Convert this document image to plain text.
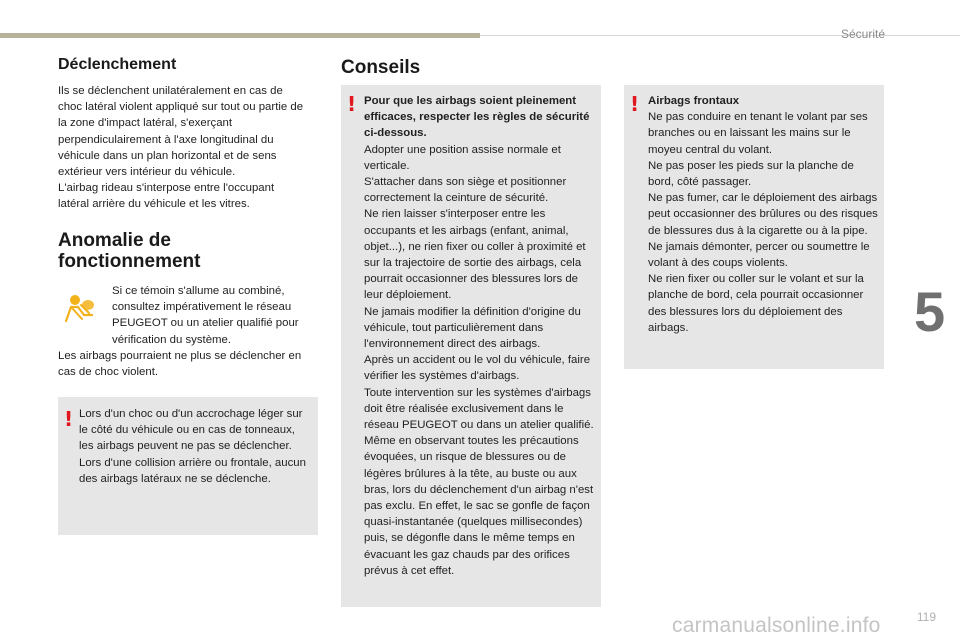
Sécurité
5
Déclenchement

Ils se déclenchent unilatéralement en cas de choc latéral violent appliqué sur tout ou partie de la zone d'impact latéral, s'exerçant perpendiculairement à l'axe longitudinal du véhicule dans un plan horizontal et de sens extérieur vers intérieur du véhicule.
L'airbag rideau s'interpose entre l'occupant latéral arrière du véhicule et les vitres.

Anomalie de fonctionnement

Si ce témoin s'allume au combiné, consultez impérativement le réseau PEUGEOT ou un atelier qualifié pour vérification du système.

Les airbags pourraient ne plus se déclencher en cas de choc violent.

! Lors d'un choc ou d'un accrochage léger sur le côté du véhicule ou en cas de tonneaux, les airbags peuvent ne pas se déclencher.
Lors d'une collision arrière ou frontale, aucun des airbags latéraux ne se déclenche.

Conseils
! Pour que les airbags soient pleinement efficaces, respecter les règles de sécurité ci-dessous.
Adopter une position assise normale et verticale.
S'attacher dans son siège et positionner correctement la ceinture de sécurité.
Ne rien laisser s'interposer entre les occupants et les airbags (enfant, animal, objet...), ne rien fixer ou coller à proximité et sur la trajectoire de sortie des airbags, cela pourrait occasionner des blessures lors de leur déploiement.
Ne jamais modifier la définition d'origine du véhicule, tout particulièrement dans l'environnement direct des airbags.
Après un accident ou le vol du véhicule, faire vérifier les systèmes d'airbags.
Toute intervention sur les systèmes d'airbags doit être réalisée exclusivement dans le réseau PEUGEOT ou dans un atelier qualifié.
Même en observant toutes les précautions évoquées, un risque de blessures ou de légères brûlures à la tête, au buste ou aux bras, lors du déclenchement d'un airbag n'est pas exclu. En effet, le sac se gonfle de façon quasi-instantanée (quelques millisecondes) puis, se dégonfle dans le même temps en évacuant les gaz chauds par des orifices prévus à cet effet.

! Airbags frontaux
Ne pas conduire en tenant le volant par ses branches ou en laissant les mains sur le moyeu central du volant.
Ne pas poser les pieds sur la planche de bord, côté passager.
Ne pas fumer, car le déploiement des airbags peut occasionner des brûlures ou des risques de blessures dus à la cigarette ou à la pipe.
Ne jamais démonter, percer ou soumettre le volant à des coups violents.
Ne rien fixer ou coller sur le volant et sur la planche de bord, cela pourrait occasionner des blessures lors du déploiement des airbags.

119
carmanualsonline.info
